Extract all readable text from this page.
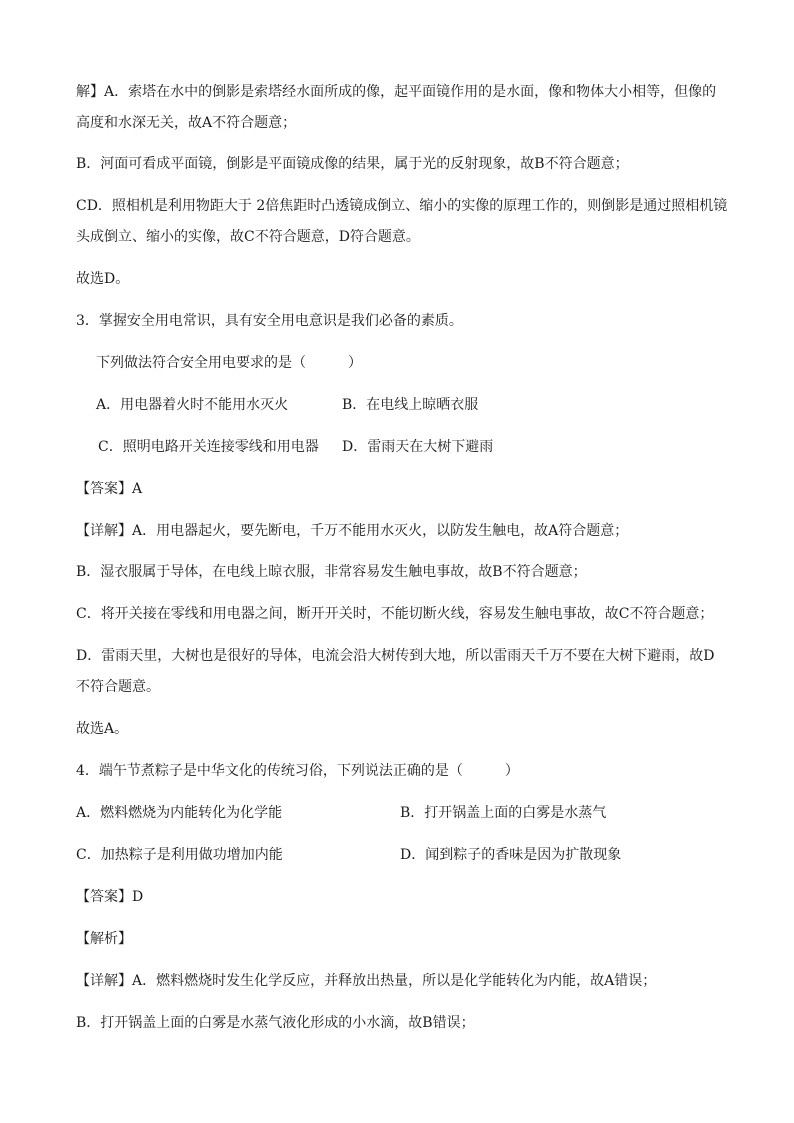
解】A．索塔在水中的倒影是索塔经水面所成的像，起平面镜作用的是水面，像和物体大小相等，但像的
高度和水深无关，故A不符合题意；
B．河面可看成平面镜，倒影是平面镜成像的结果，属于光的反射现象，故B不符合题意；
CD．照相机是利用物距大于 2倍焦距时凸透镜成倒立、缩小的实像的原理工作的，则倒影是通过照相机镜
头成倒立、缩小的实像，故C不符合题意，D符合题意。
故选D。
3．掌握安全用电常识，具有安全用电意识是我们必备的素质。
下列做法符合安全用电要求的是（　　　）
A．用电器着火时不能用水灭火	B．在电线上晾晒衣服
C．照明电路开关连接零线和用电器 D．雷雨天在大树下避雨
【答案】A
【详解】A．用电器起火，要先断电，千万不能用水灭火，以防发生触电，故A符合题意；
B．湿衣服属于导体，在电线上晾衣服，非常容易发生触电事故，故B不符合题意；
C．将开关接在零线和用电器之间，断开开关时，不能切断火线，容易发生触电事故，故C不符合题意；
D．雷雨天里，大树也是很好的导体，电流会沿大树传到大地，所以雷雨天千万不要在大树下避雨，故D
不符合题意。
故选A。
4．端午节煮粽子是中华文化的传统习俗，下列说法正确的是（　　　）
A．燃料燃烧为内能转化为化学能	B．打开锅盖上面的白雾是水蒸气
C．加热粽子是利用做功增加内能	D．闻到粽子的香味是因为扩散现象
【答案】D
【解析】
【详解】A．燃料燃烧时发生化学反应，并释放出热量，所以是化学能转化为内能，故A错误；
B．打开锅盖上面的白雾是水蒸气液化形成的小水滴，故B错误；
